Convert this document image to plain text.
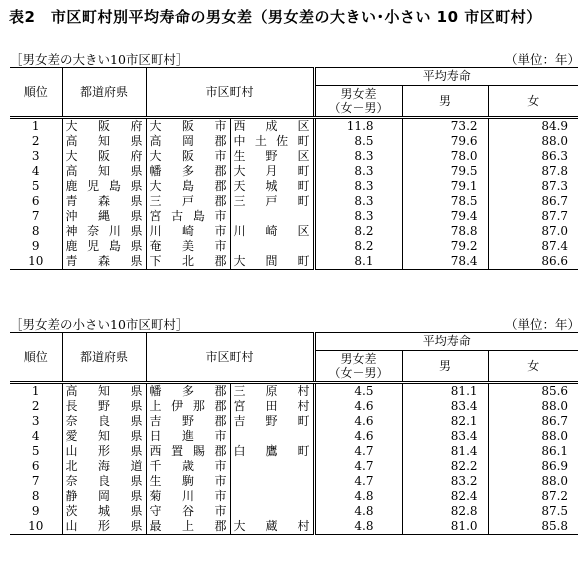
表2　市区町村別平均寿命の男女差（男女差の大きい･小さい 10 市区町村）
［男女差の大きい10市区町村］	（単位：年）
順位	都道府県	市区町村		平均寿命		

				男女差
（女－男）	男	女
1	大阪府	大阪市	西成区	11.8	73.2	84.9
2	高知県	高岡郡	中土佐町	8.5	79.6	88.0
3	大阪府	大阪市	生野区	8.3	78.0	86.3
4	高知県	幡多郡	大月町	8.3	79.5	87.8
5	鹿児島県	大島郡	天城町	8.3	79.1	87.3
6	青森県	三戸郡	三戸町	8.3	78.5	86.7
7	沖縄県	宮古島市		8.3	79.4	87.7
8	神奈川県	川崎市	川崎区	8.2	78.8	87.0
9	鹿児島県	奄美市		8.2	79.2	87.4
10	青森県	下北郡	大間町	8.1	78.4	86.6
［男女差の小さい10市区町村］	（単位：年）
順位	都道府県	市区町村		平均寿命		

				男女差
（女－男）	男	女
1	高知県	幡多郡	三原村	4.5	81.1	85.6
2	長野県	上伊那郡	宮田村	4.6	83.4	88.0
3	奈良県	吉野郡	吉野町	4.6	82.1	86.7
4	愛知県	日進市		4.6	83.4	88.0
5	山形県	西置賜郡	白鷹町	4.7	81.4	86.1
6	北海道	千歳市		4.7	82.2	86.9
7	奈良県	生駒市		4.7	83.2	88.0
8	静岡県	菊川市		4.8	82.4	87.2
9	茨城県	守谷市		4.8	82.8	87.5
10	山形県	最上郡	大蔵村	4.8	81.0	85.8
